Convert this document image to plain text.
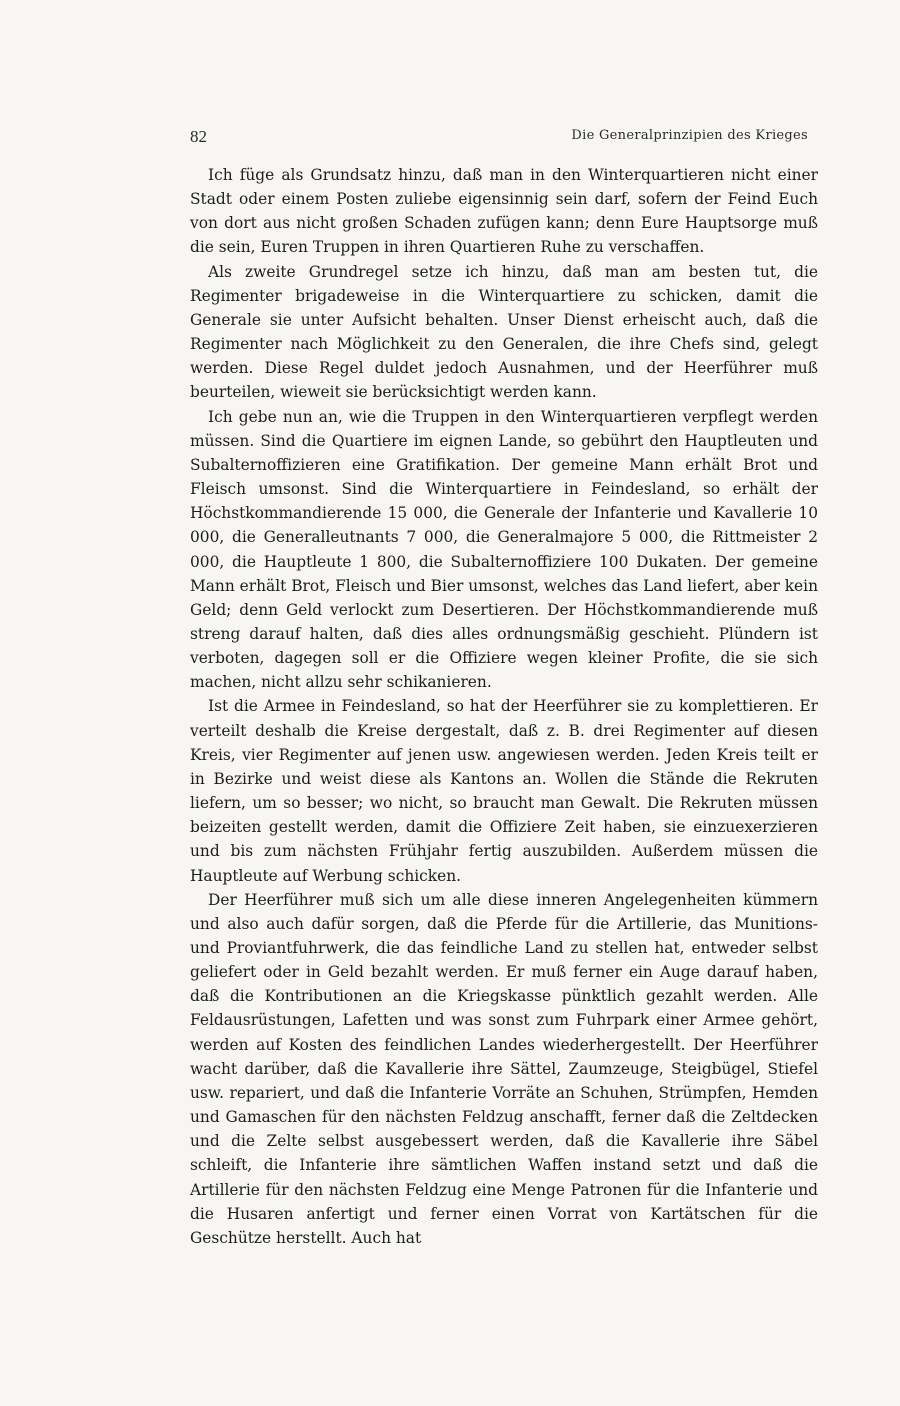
82	Die Generalprinzipien des Krieges

Ich füge als Grundsatz hinzu, daß man in den Winterquartieren nicht einer Stadt oder einem Posten zuliebe eigensinnig sein darf, sofern der Feind Euch von dort aus nicht großen Schaden zufügen kann; denn Eure Hauptsorge muß die sein, Euren Truppen in ihren Quartieren Ruhe zu verschaffen.

Als zweite Grundregel setze ich hinzu, daß man am besten tut, die Regimenter brigadeweise in die Winterquartiere zu schicken, damit die Generale sie unter Aufsicht behalten. Unser Dienst erheischt auch, daß die Regimenter nach Möglichkeit zu den Generalen, die ihre Chefs sind, gelegt werden. Diese Regel duldet jedoch Ausnahmen, und der Heerführer muß beurteilen, wieweit sie berücksichtigt werden kann.

Ich gebe nun an, wie die Truppen in den Winterquartieren verpflegt werden müssen. Sind die Quartiere im eignen Lande, so gebührt den Hauptleuten und Subalternoffizieren eine Gratifikation. Der gemeine Mann erhält Brot und Fleisch umsonst. Sind die Winterquartiere in Feindesland, so erhält der Höchstkommandierende 15 000, die Generale der Infanterie und Kavallerie 10 000, die Generalleutnants 7 000, die Generalmajore 5 000, die Rittmeister 2 000, die Hauptleute 1 800, die Subalternoffiziere 100 Dukaten. Der gemeine Mann erhält Brot, Fleisch und Bier umsonst, welches das Land liefert, aber kein Geld; denn Geld verlockt zum Desertieren. Der Höchstkommandierende muß streng darauf halten, daß dies alles ordnungsmäßig geschieht. Plündern ist verboten, dagegen soll er die Offiziere wegen kleiner Profite, die sie sich machen, nicht allzu sehr schikanieren.

Ist die Armee in Feindesland, so hat der Heerführer sie zu komplettieren. Er verteilt deshalb die Kreise dergestalt, daß z. B. drei Regimenter auf diesen Kreis, vier Regimenter auf jenen usw. angewiesen werden. Jeden Kreis teilt er in Bezirke und weist diese als Kantons an. Wollen die Stände die Rekruten liefern, um so besser; wo nicht, so braucht man Gewalt. Die Rekruten müssen beizeiten gestellt werden, damit die Offiziere Zeit haben, sie einzuexerzieren und bis zum nächsten Frühjahr fertig auszubilden. Außerdem müssen die Hauptleute auf Werbung schicken.

Der Heerführer muß sich um alle diese inneren Angelegenheiten kümmern und also auch dafür sorgen, daß die Pferde für die Artillerie, das Munitions- und Proviantfuhrwerk, die das feindliche Land zu stellen hat, entweder selbst geliefert oder in Geld bezahlt werden. Er muß ferner ein Auge darauf haben, daß die Kontributionen an die Kriegskasse pünktlich gezahlt werden. Alle Feldausrüstungen, Lafetten und was sonst zum Fuhrpark einer Armee gehört, werden auf Kosten des feindlichen Landes wiederhergestellt. Der Heerführer wacht darüber, daß die Kavallerie ihre Sättel, Zaumzeuge, Steigbügel, Stiefel usw. repariert, und daß die Infanterie Vorräte an Schuhen, Strümpfen, Hemden und Gamaschen für den nächsten Feldzug anschafft, ferner daß die Zeltdecken und die Zelte selbst ausgebessert werden, daß die Kavallerie ihre Säbel schleift, die Infanterie ihre sämtlichen Waffen instand setzt und daß die Artillerie für den nächsten Feldzug eine Menge Patronen für die Infanterie und die Husaren anfertigt und ferner einen Vorrat von Kartätschen für die Geschütze herstellt. Auch hat
